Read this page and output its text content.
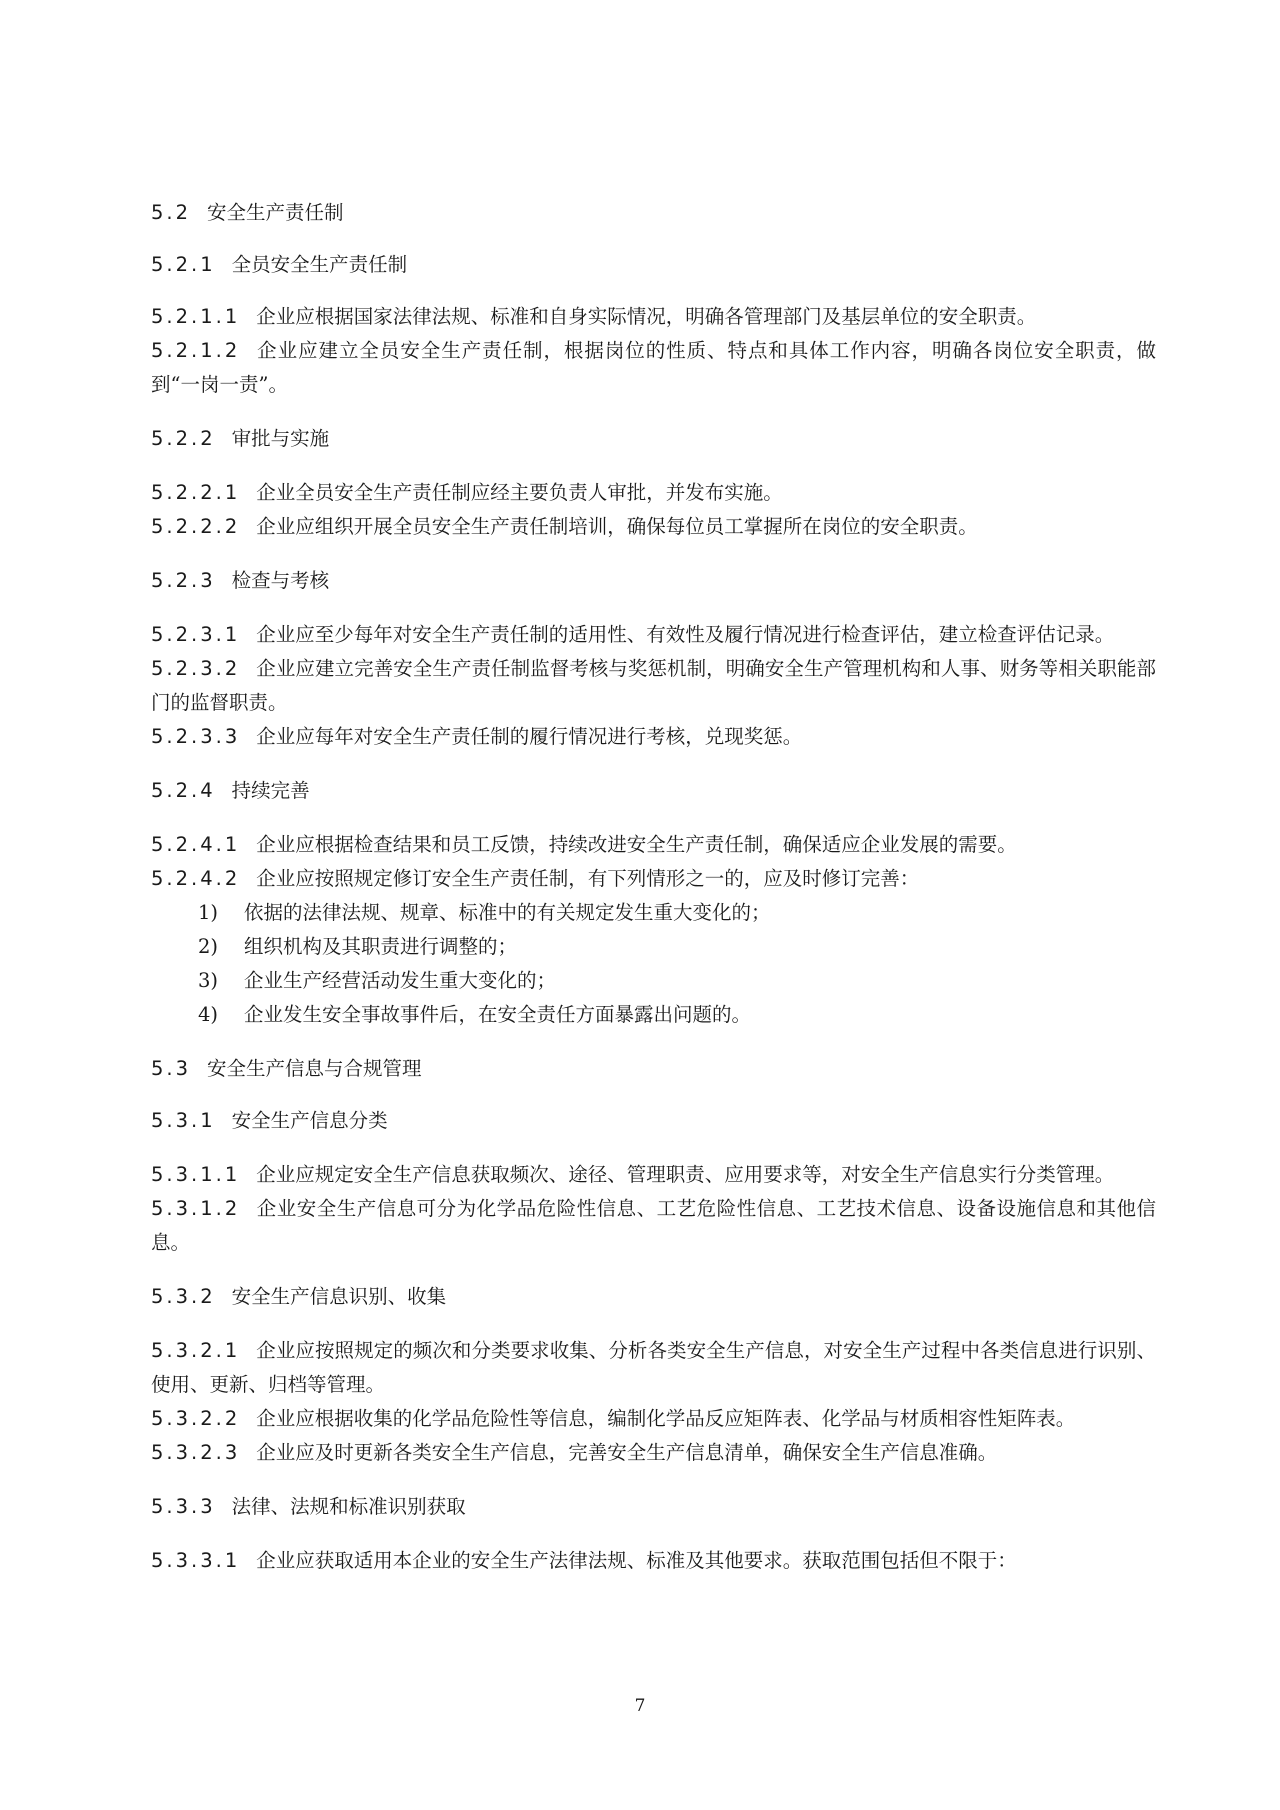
5.2 安全生产责任制
5.2.1 全员安全生产责任制

5.2.1.1 企业应根据国家法律法规、标准和自身实际情况，明确各管理部门及基层单位的安全职责。

5.2.1.2 企业应建立全员安全生产责任制，根据岗位的性质、特点和具体工作内容，明确各岗位安全职责，做到“一岗一责”。

5.2.2 审批与实施

5.2.2.1 企业全员安全生产责任制应经主要负责人审批，并发布实施。

5.2.2.2 企业应组织开展全员安全生产责任制培训，确保每位员工掌握所在岗位的安全职责。

5.2.3 检查与考核

5.2.3.1 企业应至少每年对安全生产责任制的适用性、有效性及履行情况进行检查评估，建立检查评估记录。

5.2.3.2 企业应建立完善安全生产责任制监督考核与奖惩机制，明确安全生产管理机构和人事、财务等相关职能部门的监督职责。

5.2.3.3 企业应每年对安全生产责任制的履行情况进行考核，兑现奖惩。

5.2.4 持续完善

5.2.4.1 企业应根据检查结果和员工反馈，持续改进安全生产责任制，确保适应企业发展的需要。

5.2.4.2 企业应按照规定修订安全生产责任制，有下列情形之一的，应及时修订完善：

1) 依据的法律法规、规章、标准中的有关规定发生重大变化的；
2) 组织机构及其职责进行调整的；
3) 企业生产经营活动发生重大变化的；
4) 企业发生安全事故事件后，在安全责任方面暴露出问题的。
5.3 安全生产信息与合规管理
5.3.1 安全生产信息分类

5.3.1.1 企业应规定安全生产信息获取频次、途径、管理职责、应用要求等，对安全生产信息实行分类管理。

5.3.1.2 企业安全生产信息可分为化学品危险性信息、工艺危险性信息、工艺技术信息、设备设施信息和其他信息。

5.3.2 安全生产信息识别、收集

5.3.2.1 企业应按照规定的频次和分类要求收集、分析各类安全生产信息，对安全生产过程中各类信息进行识别、使用、更新、归档等管理。

5.3.2.2 企业应根据收集的化学品危险性等信息，编制化学品反应矩阵表、化学品与材质相容性矩阵表。

5.3.2.3 企业应及时更新各类安全生产信息，完善安全生产信息清单，确保安全生产信息准确。

5.3.3 法律、法规和标准识别获取

5.3.3.1 企业应获取适用本企业的安全生产法律法规、标准及其他要求。获取范围包括但不限于：

7
